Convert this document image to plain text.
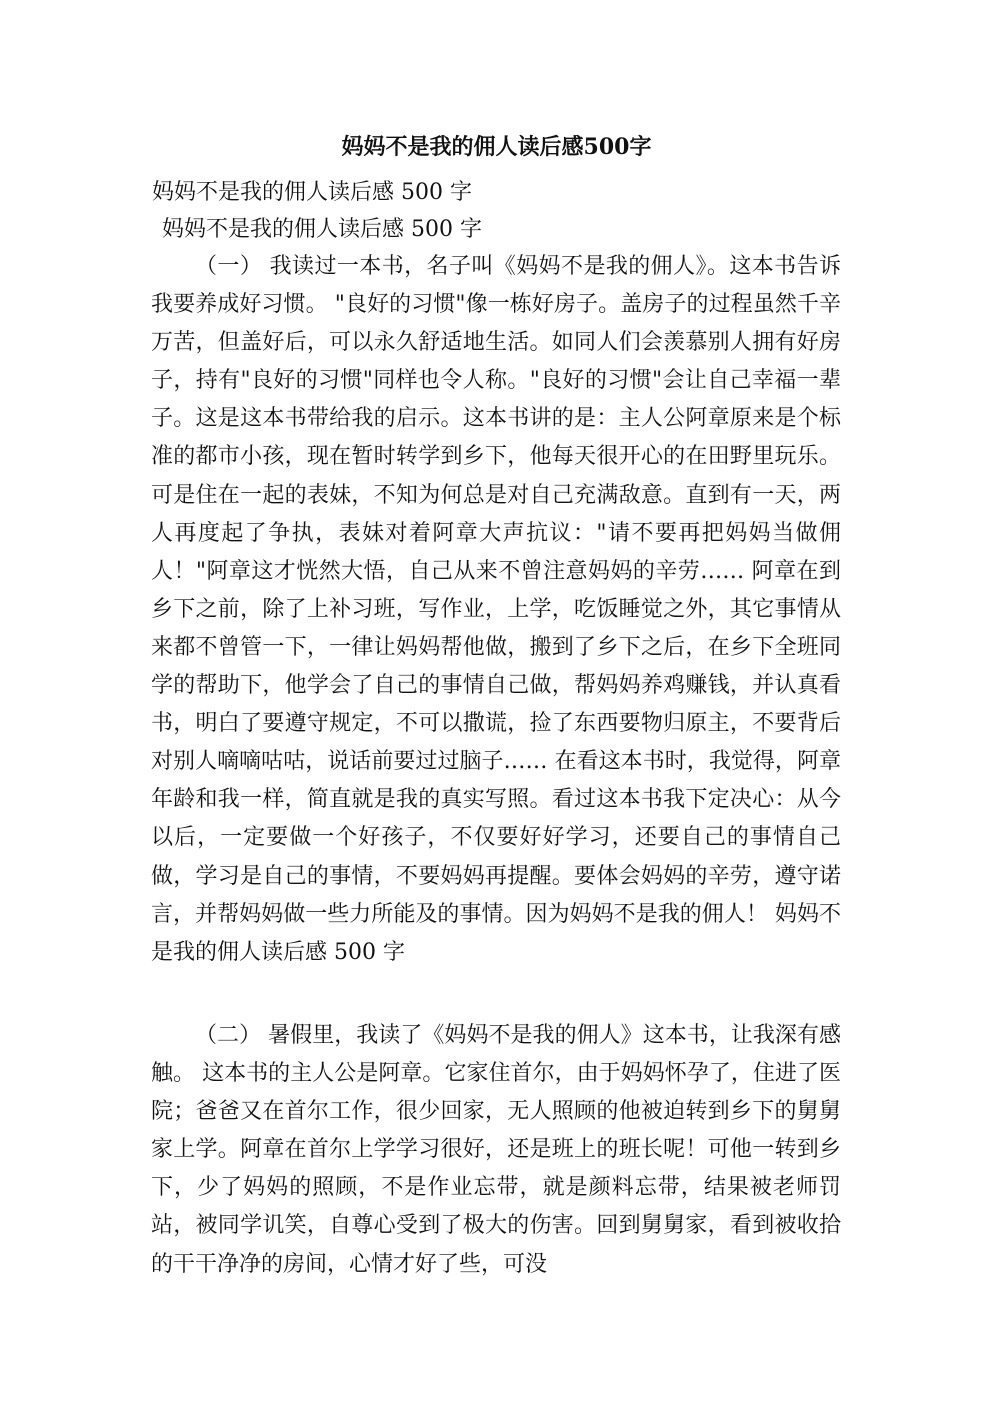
妈妈不是我的佣人读后感500字
妈妈不是我的佣人读后感 500 字
妈妈不是我的佣人读后感 500 字

（一） 我读过一本书，名子叫《妈妈不是我的佣人》。这本书告诉我要养成好习惯。 "良好的习惯"像一栋好房子。盖房子的过程虽然千辛万苦，但盖好后，可以永久舒适地生活。如同人们会羡慕别人拥有好房子，持有"良好的习惯"同样也令人称。"良好的习惯"会让自己幸福一辈子。这是这本书带给我的启示。这本书讲的是：主人公阿章原来是个标准的都市小孩，现在暂时转学到乡下，他每天很开心的在田野里玩乐。可是住在一起的表妹，不知为何总是对自己充满敌意。直到有一天，两人再度起了争执，表妹对着阿章大声抗议："请不要再把妈妈当做佣人！"阿章这才恍然大悟，自己从来不曾注意妈妈的辛劳…… 阿章在到乡下之前，除了上补习班，写作业，上学，吃饭睡觉之外，其它事情从来都不曾管一下，一律让妈妈帮他做，搬到了乡下之后，在乡下全班同学的帮助下，他学会了自己的事情自己做，帮妈妈养鸡赚钱，并认真看书，明白了要遵守规定，不可以撒谎，捡了东西要物归原主，不要背后对别人嘀嘀咕咕，说话前要过过脑子…… 在看这本书时，我觉得，阿章年龄和我一样，简直就是我的真实写照。看过这本书我下定决心：从今以后，一定要做一个好孩子，不仅要好好学习，还要自己的事情自己做，学习是自己的事情，不要妈妈再提醒。要体会妈妈的辛劳，遵守诺言，并帮妈妈做一些力所能及的事情。因为妈妈不是我的佣人！ 妈妈不是我的佣人读后感 500 字

（二） 暑假里，我读了《妈妈不是我的佣人》这本书，让我深有感触。 这本书的主人公是阿章。它家住首尔，由于妈妈怀孕了，住进了医院；爸爸又在首尔工作，很少回家，无人照顾的他被迫转到乡下的舅舅家上学。阿章在首尔上学学习很好，还是班上的班长呢！可他一转到乡下，少了妈妈的照顾，不是作业忘带，就是颜料忘带，结果被老师罚站，被同学讥笑，自尊心受到了极大的伤害。回到舅舅家，看到被收拾的干干净净的房间，心情才好了些，可没
